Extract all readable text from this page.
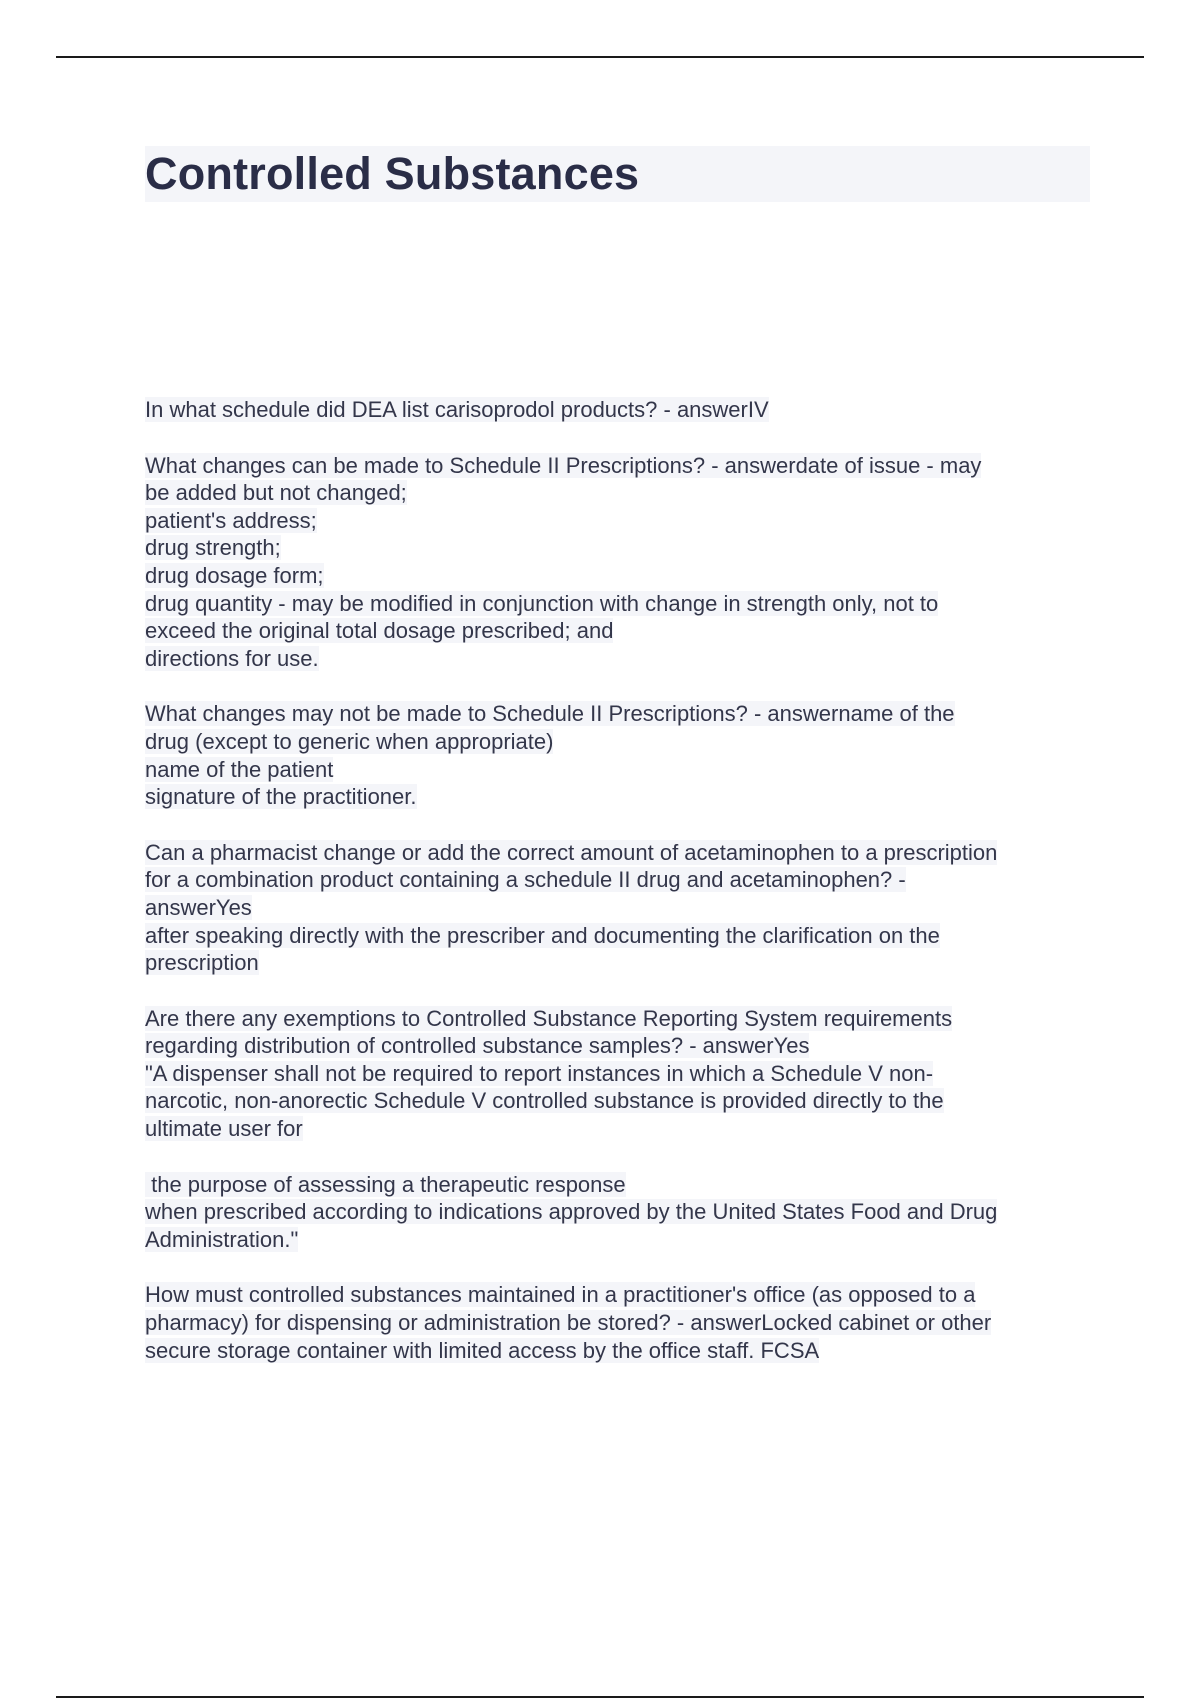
Controlled Substances
In what schedule did DEA list carisoprodol products? - answerIV
What changes can be made to Schedule II Prescriptions? - answerdate of issue - may
be added but not changed;
patient's address;
drug strength;
drug dosage form;
drug quantity - may be modified in conjunction with change in strength only, not to
exceed the original total dosage prescribed; and
directions for use.
What changes may not be made to Schedule II Prescriptions? - answername of the
drug (except to generic when appropriate)
name of the patient
signature of the practitioner.
Can a pharmacist change or add the correct amount of acetaminophen to a prescription
for a combination product containing a schedule II drug and acetaminophen? -
answerYes
after speaking directly with the prescriber and documenting the clarification on the
prescription
Are there any exemptions to Controlled Substance Reporting System requirements
regarding distribution of controlled substance samples? - answerYes
"A dispenser shall not be required to report instances in which a Schedule V non-
narcotic, non-anorectic Schedule V controlled substance is provided directly to the
ultimate user for
the purpose of assessing a therapeutic response
when prescribed according to indications approved by the United States Food and Drug
Administration."
How must controlled substances maintained in a practitioner's office (as opposed to a
pharmacy) for dispensing or administration be stored? - answerLocked cabinet or other
secure storage container with limited access by the office staff. FCSA
